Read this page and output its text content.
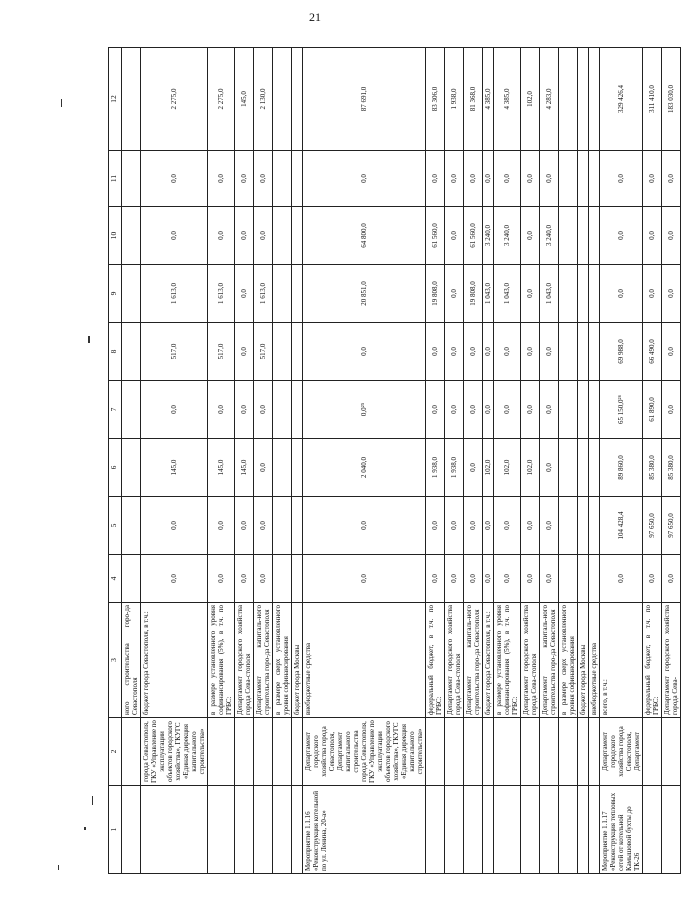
21
1	2	3	4	5	6	7	8	9	10	11	12
		ного строительства горо-да Севастополя									
	города Севастополя, ГКУ «Управление по эксплуатации объектов городского хозяйства», ГКУГС «Единая дирекция капитального строительства»	бюджет города Севастополя, в т.ч.:	0,0	0,0	145,0	0,0	517,0	1 613,0	0,0	0,0	2 275,0
		в размере установленного уровня софинансирования (5%), в т.ч. по ГРБС:	0,0	0,0	145,0	0,0	517,0	1 613,0	0,0	0,0	2 275,0
		Департамент городского хозяйства города Сева-стополя	0,0	0,0	145,0	0,0	0,0	0,0	0,0	0,0	145,0
		Департамент капиталь-ного строительства горо-да Севастополя	0,0	0,0	0,0	0,0	517,0	1 613,0	0,0	0,0	2 130,0
		в размере сверх установленного уровня софинансирования									
		бюджет города Москвы									
Мероприятие 1.1.16 «Реконструкция котельной по ул. Ленина, 20-а»	Департамент городского хозяйства города Севастополя, Департамент капитального строительства города Севастополя, ГКУ «Управление по эксплуатации объектов городского хозяйства», ГКУГС «Единая дирекция капитального строительства»	внебюджетные средства	0,0	0,0	2 040,0	0,0²⁵	0,0	20 851,0	64 800,0	0,0	87 691,0
		федеральный бюджет, в т.ч. по ГРБС:	0,0	0,0	1 938,0	0,0	0,0	19 808,0	61 560,0	0,0	83 306,0
		Департамент городского хозяйства города Сева-стополя	0,0	0,0	1 938,0	0,0	0,0	0,0	0,0	0,0	1 938,0
		Департамент капиталь-ного строительства горо-да Севастополя	0,0	0,0	0,0	0,0	0,0	19 808,0	61 560,0	0,0	81 368,0
		бюджет города Севастополя, в т.ч.:	0,0	0,0	102,0	0,0	0,0	1 043,0	3 240,0	0,0	4 385,0
		в размере установленного уровня софинансирования (5%), в т.ч. по ГРБС:	0,0	0,0	102,0	0,0	0,0	1 043,0	3 240,0	0,0	4 385,0
		Департамент городского хозяйства города Сева-стополя	0,0	0,0	102,0	0,0	0,0	0,0	0,0	0,0	102,0
		Департамент капиталь-ного строительства горо-да Севастополя	0,0	0,0	0,0	0,0	0,0	1 043,0	3 240,0	0,0	4 283,0
		в размере сверх установленного уровня софинансирования									
		бюджет города Москвы									
		внебюджетные средства									
Мероприятие 1.1.17 «Реконструкция тепловых сетей от котельной Камышовой бухты до ТК-26	Департамент городского хозяйства города Севастополя, Департамент	всего, в т.ч.:	0,0	104 428,4	89 860,0	65 150,0²⁶	69 988,0	0,0	0,0	0,0	329 426,4
		федеральный бюджет, в т.ч. по ГРБС:	0,0	97 650,0	85 380,0	61 890,0	66 490,0	0,0	0,0	0,0	311 410,0
		Департамент городского хозяйства города Сева-	0,0	97 650,0	85 380,0	0,0	0,0	0,0	0,0	0,0	183 030,0
